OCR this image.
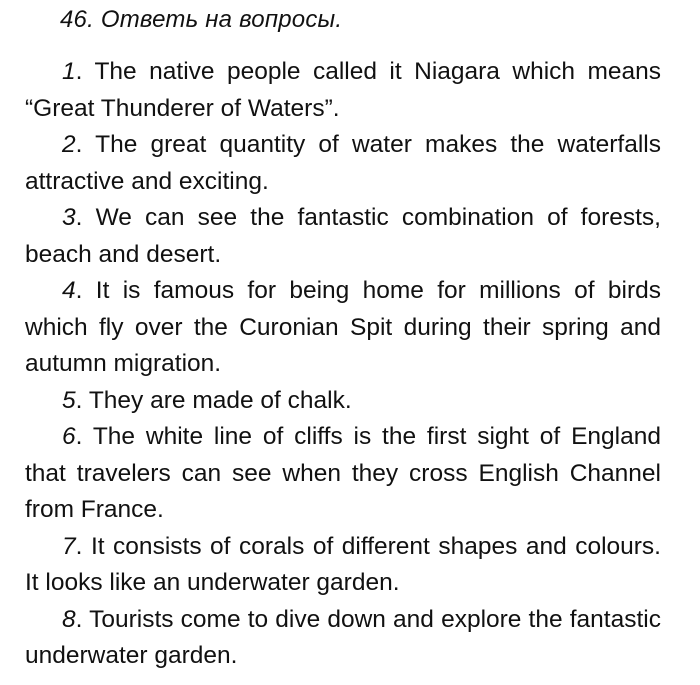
46. Ответь на вопросы.
1. The native people called it Niagara which means “Great Thunderer of Waters”.
2. The great quantity of water makes the waterfalls attractive and exciting.
3. We can see the fantastic combination of forests, beach and desert.
4. It is famous for being home for millions of birds which fly over the Curonian Spit during their spring and autumn migration.
5. They are made of chalk.
6. The white line of cliffs is the first sight of England that travelers can see when they cross English Channel from France.
7. It consists of corals of different shapes and colours. It looks like an underwater garden.
8. Tourists come to dive down and explore the fantastic underwater garden.
